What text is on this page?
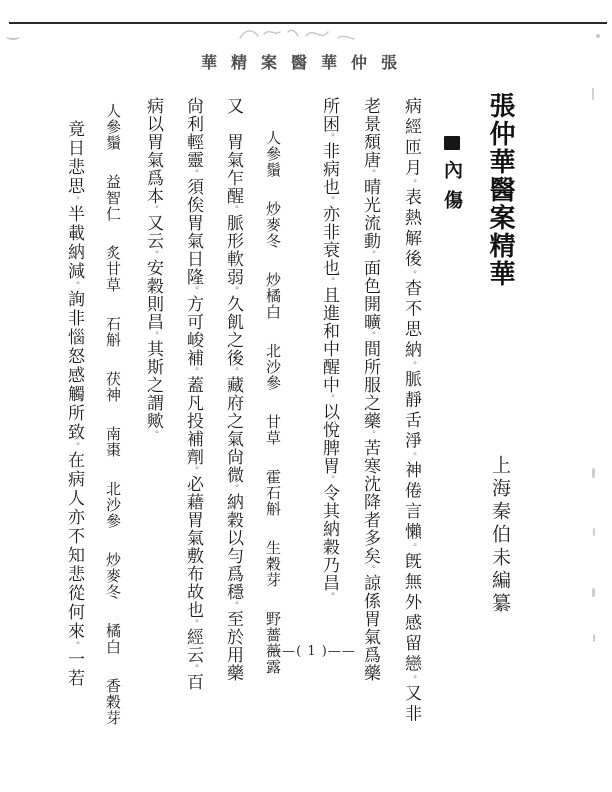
華精案醫華仲張
張仲華醫案精華
上海秦伯未編纂
內傷
病經匝月。表熱解後。杳不思納。脈靜舌淨。神倦言懶。旣無外感留戀。又非
老景頹唐。晴光流動。面色開曠。間所服之藥。苦寒沈降者多矣。諒係胃氣爲藥
所困。非病也。亦非衰也。且進和中醒中。以悅脾胃。令其納穀乃昌。
人參鬚 炒麥冬 炒橘白 北沙參 甘草 霍石斛 生穀芽 野薔薇露
又　胃氣乍醒。脈形軟弱。久飢之後。藏府之氣尙微。納穀以勻爲穩。至於用藥
尙利輕靈。須俟胃氣日隆。方可峻補。蓋凡投補劑。必藉胃氣敷布故也。經云。百
病以胃氣爲本。又云。安穀則昌。其斯之謂歟。
人參鬚 益智仁 炙甘草 石斛 茯神 南棗 北沙參 炒麥冬 橘白 香穀芽
竟日悲思。半載納減。詢非惱怒感觸所致。在病人亦不知悲從何來。一若	——( 1 )——
